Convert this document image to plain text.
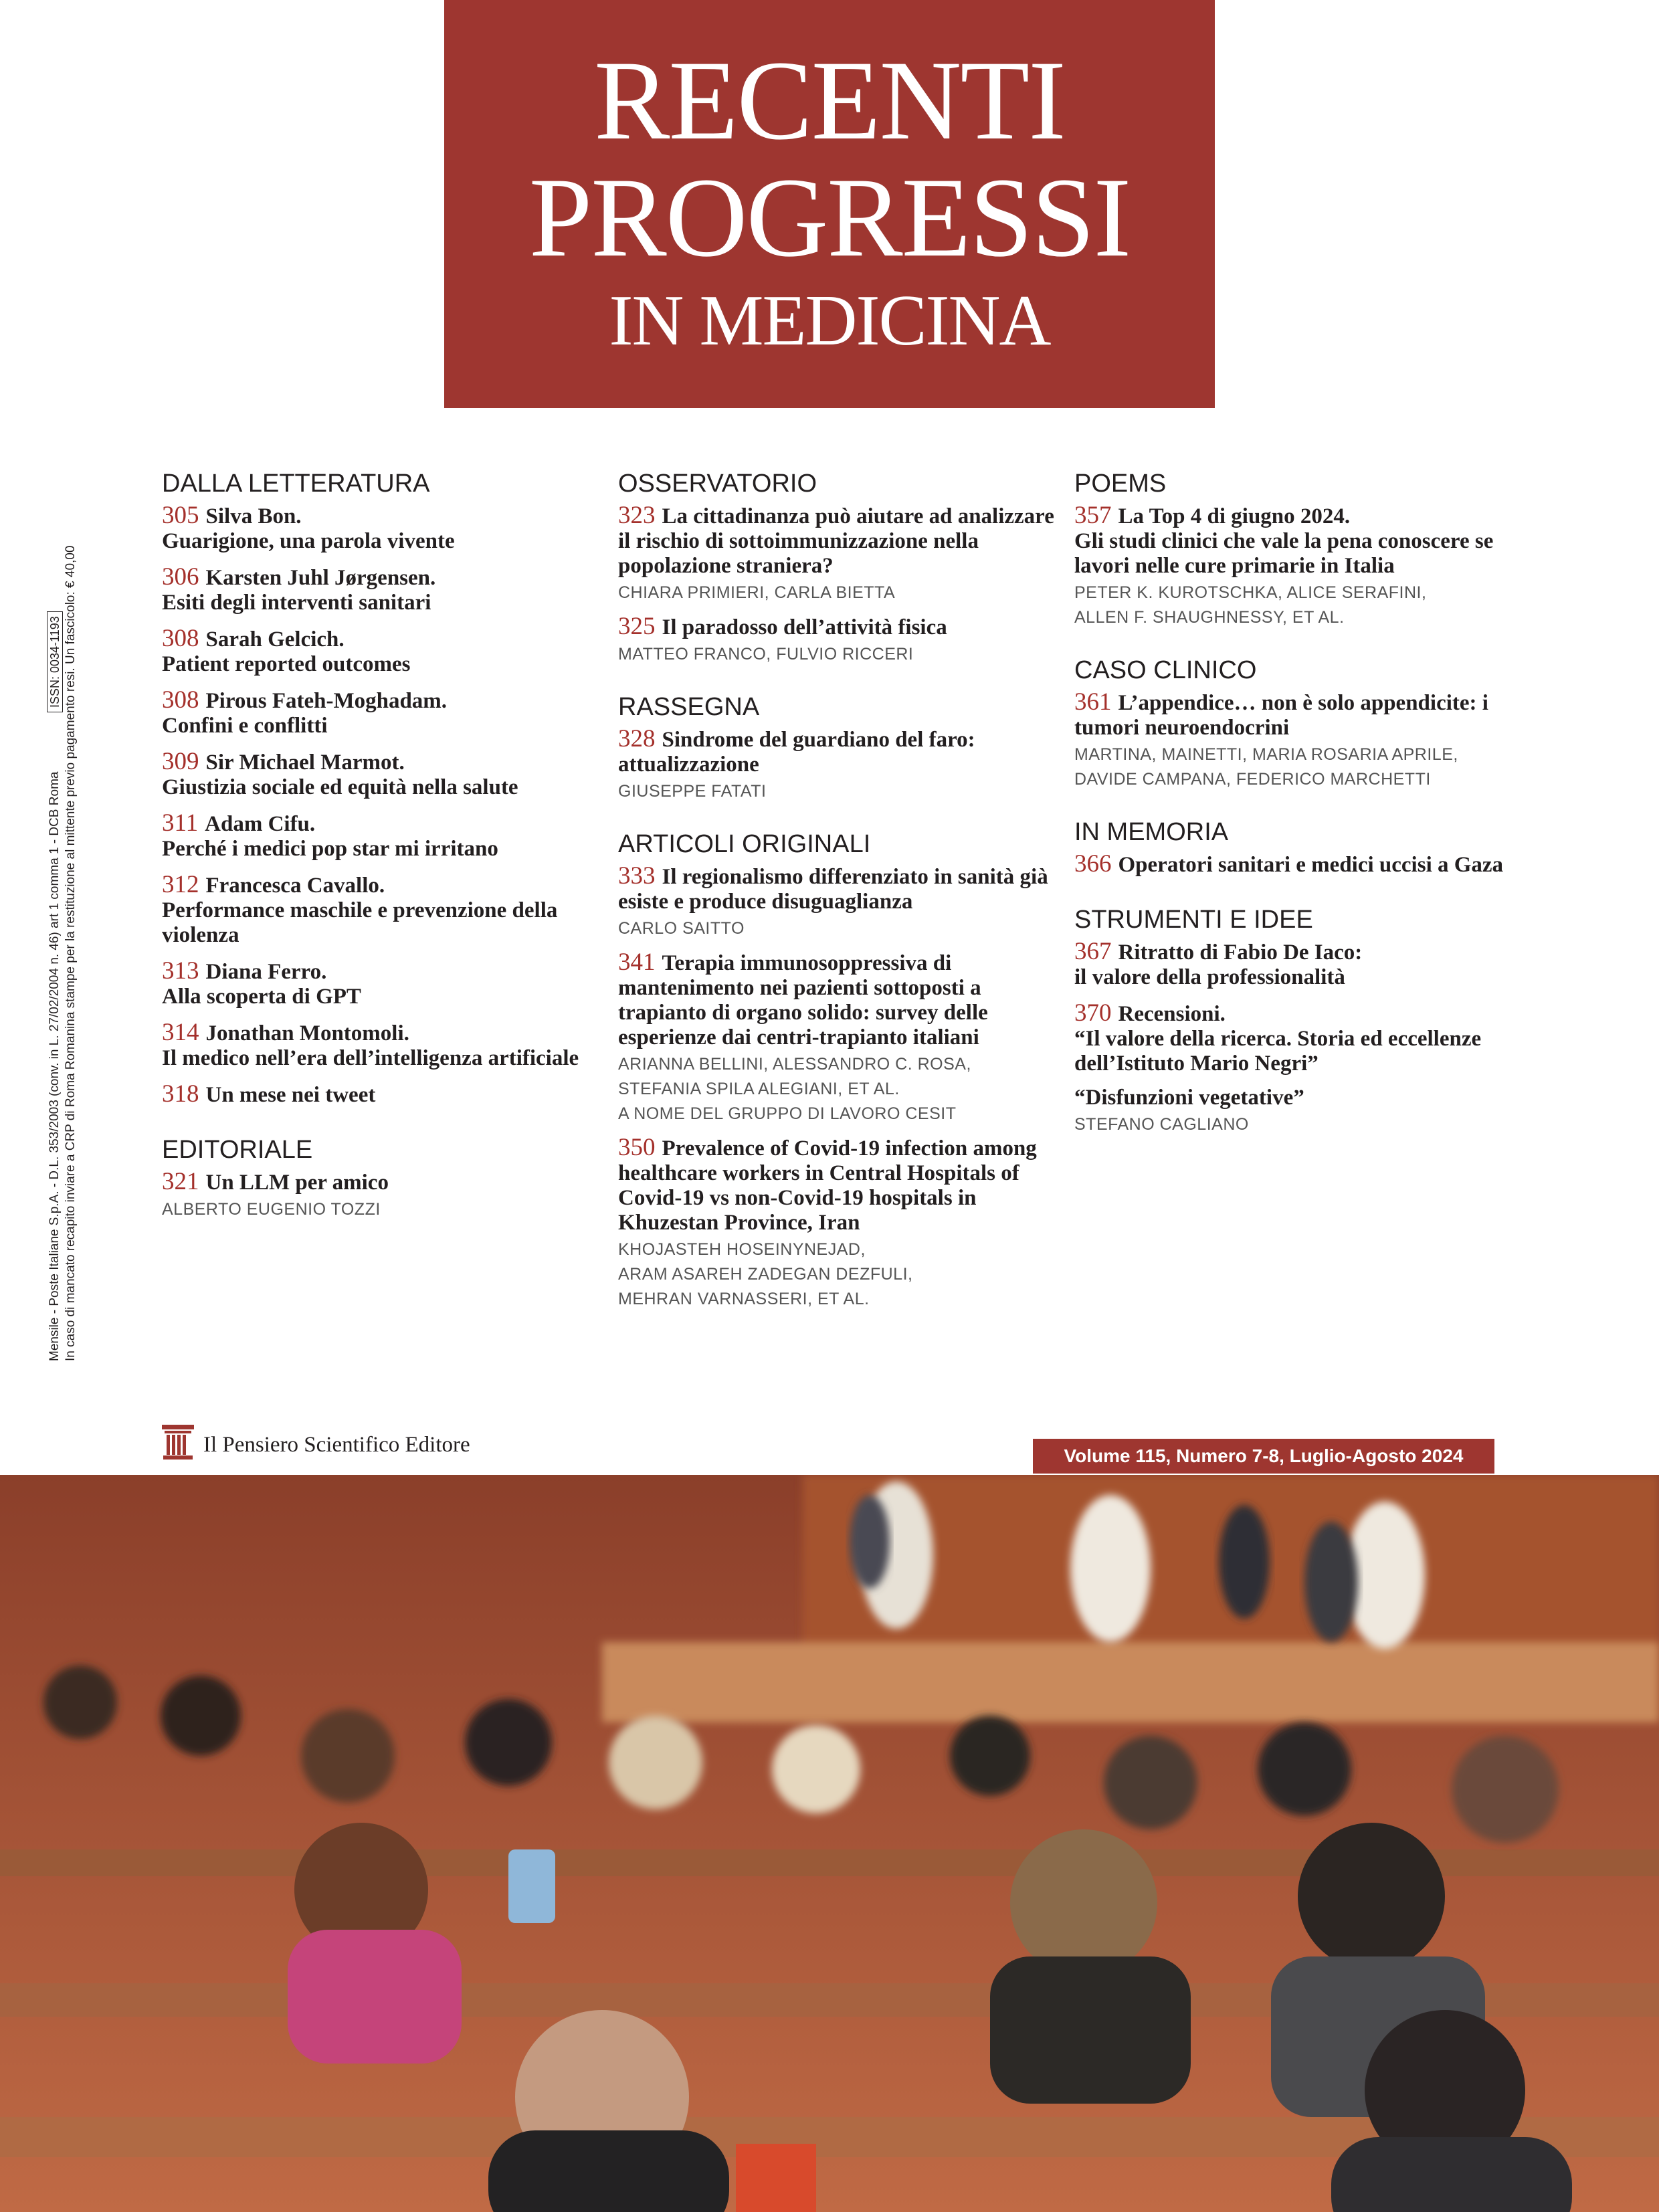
RECENTI
PROGRESSI
IN MEDICINA
DALLA LETTERATURA
305 Silva Bon.
Guarigione, una parola vivente
306 Karsten Juhl Jørgensen.
Esiti degli interventi sanitari
308 Sarah Gelcich.
Patient reported outcomes
308 Pirous Fateh-Moghadam.
Confini e conflitti
309 Sir Michael Marmot.
Giustizia sociale ed equità nella salute
311 Adam Cifu.
Perché i medici pop star mi irritano
312 Francesca Cavallo.
Performance maschile e prevenzione della violenza
313 Diana Ferro.
Alla scoperta di GPT
314 Jonathan Montomoli.
Il medico nell’era dell’intelligenza artificiale
318 Un mese nei tweet
EDITORIALE
321 Un LLM per amico
ALBERTO EUGENIO TOZZI
OSSERVATORIO
323 La cittadinanza può aiutare ad analizzare il rischio di sottoimmunizzazione nella popolazione straniera?
CHIARA PRIMIERI, CARLA BIETTA
325 Il paradosso dell’attività fisica
MATTEO FRANCO, FULVIO RICCERI
RASSEGNA
328 Sindrome del guardiano del faro: attualizzazione
GIUSEPPE FATATI
ARTICOLI ORIGINALI
333 Il regionalismo differenziato in sanità già esiste e produce disuguaglianza
CARLO SAITTO
341 Terapia immunosoppressiva di mantenimento nei pazienti sottoposti a trapianto di organo solido: survey delle esperienze dai centri-trapianto italiani
ARIANNA BELLINI, ALESSANDRO C. ROSA,
STEFANIA SPILA ALEGIANI, ET AL.
A NOME DEL GRUPPO DI LAVORO CESIT
350 Prevalence of Covid-19 infection among healthcare workers in Central Hospitals of Covid-19 vs non-Covid-19 hospitals in Khuzestan Province, Iran
KHOJASTEH HOSEINYNEJAD,
ARAM ASAREH ZADEGAN DEZFULI,
MEHRAN VARNASSERI, ET AL.
POEMS
357 La Top 4 di giugno 2024.
Gli studi clinici che vale la pena conoscere se lavori nelle cure primarie in Italia
PETER K. KUROTSCHKA, ALICE SERAFINI,
ALLEN F. SHAUGHNESSY, ET AL.
CASO CLINICO
361 L’appendice… non è solo appendicite: i tumori neuroendocrini
MARTINA, MAINETTI, MARIA ROSARIA APRILE,
DAVIDE CAMPANA, FEDERICO MARCHETTI
IN MEMORIA
366 Operatori sanitari e medici uccisi a Gaza
STRUMENTI E IDEE
367 Ritratto di Fabio De Iaco:
il valore della professionalità
370 Recensioni.
“Il valore della ricerca. Storia ed eccellenze dell’Istituto Mario Negri”
“Disfunzioni vegetative”
STEFANO CAGLIANO
Mensile - Poste Italiane S.p.A. - D.L. 353/2003 (conv. in L. 27/02/2004 n. 46) art 1 comma 1 - DCB Roma In caso di mancato recapito inviare a CRP di Roma Romanina stampe per la restituzione al mittente previo pagamento resi. Un fascicolo: € 40,00
ISSN: 0034-1193
Il Pensiero Scientifico Editore	Volume 115, Numero 7-8, Luglio-Agosto 2024
